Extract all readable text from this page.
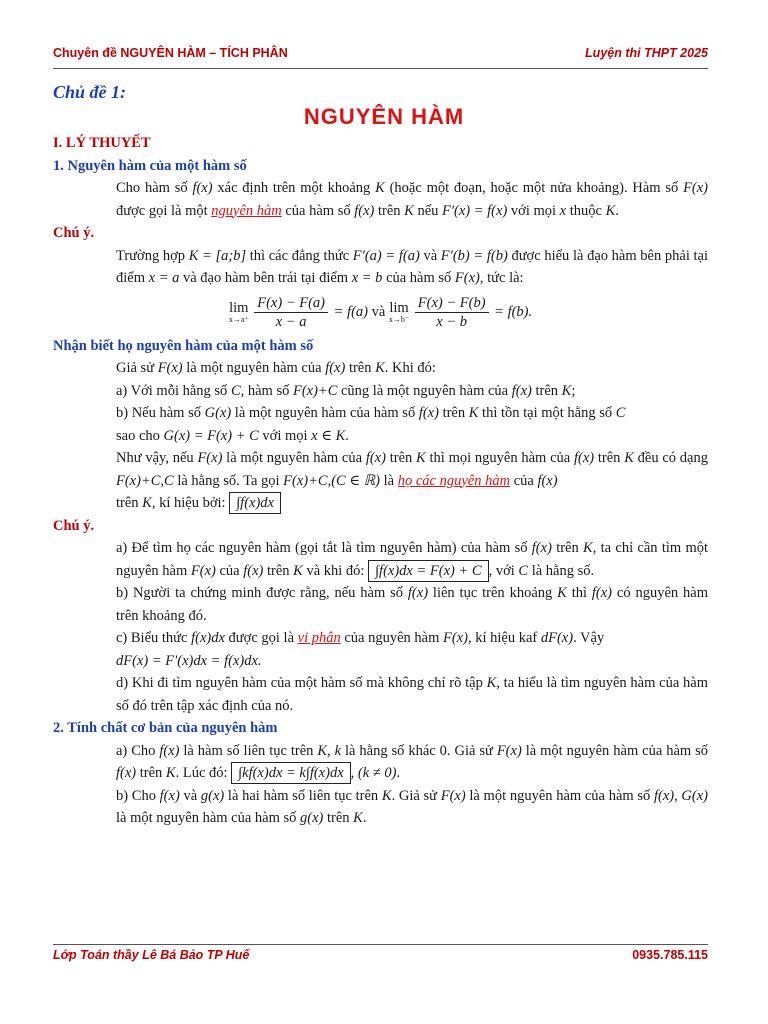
Chuyên đề NGUYÊN HÀM – TÍCH PHÂN	Luyện thi THPT 2025
Chủ đề 1:
NGUYÊN HÀM
I. LÝ THUYẾT
1. Nguyên hàm của một hàm số

Cho hàm số f(x) xác định trên một khoảng K (hoặc một đoạn, hoặc một nửa khoảng). Hàm số F(x) được gọi là một nguyên hàm của hàm số f(x) trên K nếu F′(x) = f(x) với mọi x thuộc K.

Chú ý.

Trường hợp K = [a;b] thì các đẳng thức F′(a) = f(a) và F′(b) = f(b) được hiểu là đạo hàm bên phải tại điểm x = a và đạo hàm bên trái tại điểm x = b của hàm số F(x), tức là:

lim
x→a⁺
$\frac{F(x) - F(a)}{x - a} = f(a)$ và lim
x→b⁻
$\frac{F(x) - F(b)}{x - b} = f(b)$.

Nhận biết họ nguyên hàm của một hàm số

Giả sử F(x) là một nguyên hàm của f(x) trên K. Khi đó:

a) Với mỗi hằng số C, hàm số F(x)+C cũng là một nguyên hàm của f(x) trên K;

b) Nếu hàm số G(x) là một nguyên hàm của hàm số f(x) trên K thì tồn tại một hằng số C
sao cho G(x) = F(x) + C với mọi x ∈ K.

Như vậy, nếu F(x) là một nguyên hàm của f(x) trên K thì mọi nguyên hàm của f(x) trên K đều có dạng F(x)+C,C là hằng số. Ta gọi F(x)+C,(C ∈ ℝ) là họ các nguyên hàm của f(x)
trên K, kí hiệu bởi: ∫f(x)dx

Chú ý.

a) Để tìm họ các nguyên hàm (gọi tắt là tìm nguyên hàm) của hàm số f(x) trên K, ta chỉ cần tìm một nguyên hàm F(x) của f(x) trên K và khi đó: ∫f(x)dx = F(x) + C , với C là hằng số.

b) Người ta chứng minh được rằng, nếu hàm số f(x) liên tục trên khoảng K thì f(x) có nguyên hàm trên khoảng đó.

c) Biểu thức f(x)dx được gọi là vi phân của nguyên hàm F(x), kí hiệu kaf dF(x). Vậy
dF(x) = F′(x)dx = f(x)dx.

d) Khi đi tìm nguyên hàm của một hàm số mà không chỉ rõ tập K, ta hiểu là tìm nguyên hàm của hàm số đó trên tập xác định của nó.

2. Tính chất cơ bản của nguyên hàm

a) Cho f(x) là hàm số liên tục trên K, k là hằng số khác 0. Giả sử F(x) là một nguyên hàm của hàm số f(x) trên K. Lúc đó: ∫kf(x)dx = k∫f(x)dx , (k ≠ 0).

b) Cho f(x) và g(x) là hai hàm số liên tục trên K. Giả sử F(x) là một nguyên hàm của hàm số f(x), G(x) là một nguyên hàm của hàm số g(x) trên K.

Lớp Toán thầy Lê Bá Bảo TP Huế	0935.785.115
